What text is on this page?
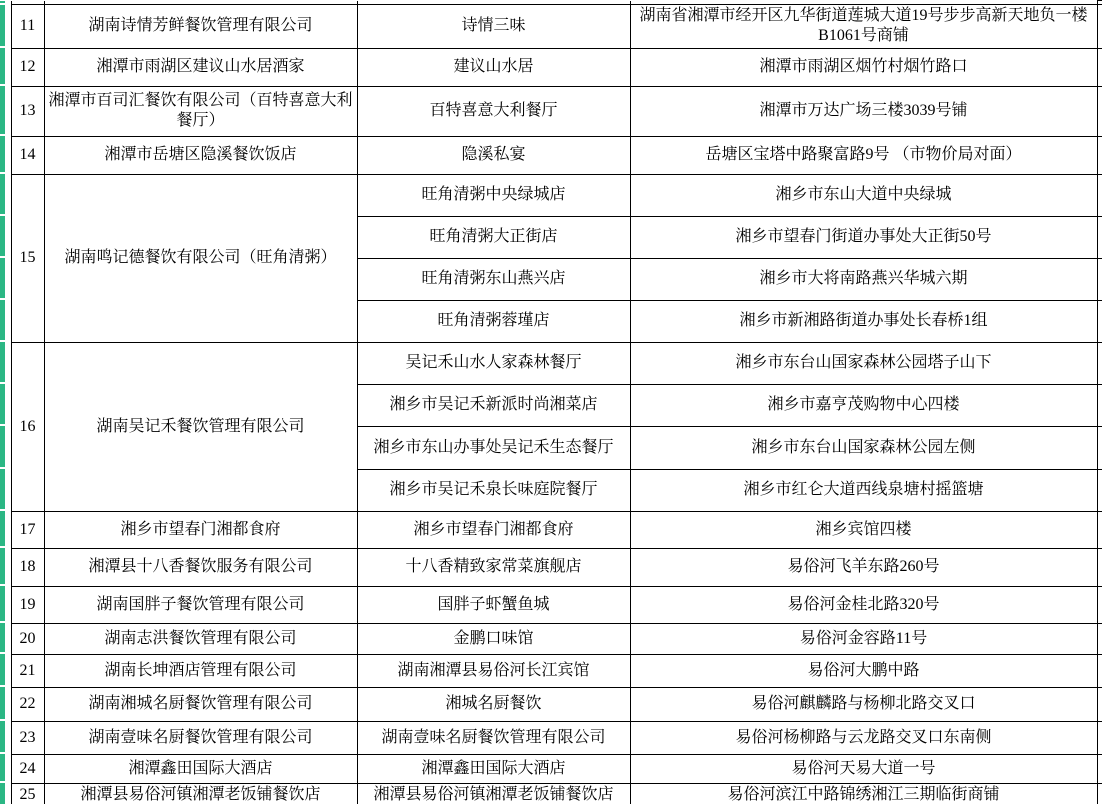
	11	湖南诗情芳鲜餐饮管理有限公司	诗情三味	湖南省湘潭市经开区九华街道莲城大道19号步步高新天地负一楼B1061号商铺	
	12	湘潭市雨湖区建议山水居酒家	建议山水居	湘潭市雨湖区烟竹村烟竹路口	
	13	湘潭市百司汇餐饮有限公司（百特喜意大利餐厅）	百特喜意大利餐厅	湘潭市万达广场三楼3039号铺	
	14	湘潭市岳塘区隐溪餐饮饭店	隐溪私宴	岳塘区宝塔中路聚富路9号 （市物价局对面）	
	15	湖南鸣记德餐饮有限公司（旺角清粥）	旺角清粥中央绿城店	湘乡市东山大道中央绿城	
			旺角清粥大正街店	湘乡市望春门街道办事处大正街50号	
			旺角清粥东山燕兴店	湘乡市大将南路燕兴华城六期	
			旺角清粥蓉瑾店	湘乡市新湘路街道办事处长春桥1组	
	16	湖南吴记禾餐饮管理有限公司	吴记禾山水人家森林餐厅	湘乡市东台山国家森林公园塔子山下	
			湘乡市吴记禾新派时尚湘菜店	湘乡市嘉亨茂购物中心四楼	
			湘乡市东山办事处吴记禾生态餐厅	湘乡市东台山国家森林公园左侧	
			湘乡市吴记禾泉长味庭院餐厅	湘乡市红仑大道西线泉塘村摇篮塘	
	17	湘乡市望春门湘都食府	湘乡市望春门湘都食府	湘乡宾馆四楼	
	18	湘潭县十八香餐饮服务有限公司	十八香精致家常菜旗舰店	易俗河飞羊东路260号	
	19	湖南国胖子餐饮管理有限公司	国胖子虾蟹鱼城	易俗河金桂北路320号	
	20	湖南志洪餐饮管理有限公司	金鹏口味馆	易俗河金容路11号	
	21	湖南长坤酒店管理有限公司	湖南湘潭县易俗河长江宾馆	易俗河大鹏中路	
	22	湖南湘城名厨餐饮管理有限公司	湘城名厨餐饮	易俗河麒麟路与杨柳北路交叉口	
	23	湖南壹味名厨餐饮管理有限公司	湖南壹味名厨餐饮管理有限公司	易俗河杨柳路与云龙路交叉口东南侧	
	24	湘潭鑫田国际大酒店	湘潭鑫田国际大酒店	易俗河天易大道一号	
	25	湘潭县易俗河镇湘潭老饭铺餐饮店	湘潭县易俗河镇湘潭老饭铺餐饮店	易俗河滨江中路锦绣湘江三期临街商铺	
